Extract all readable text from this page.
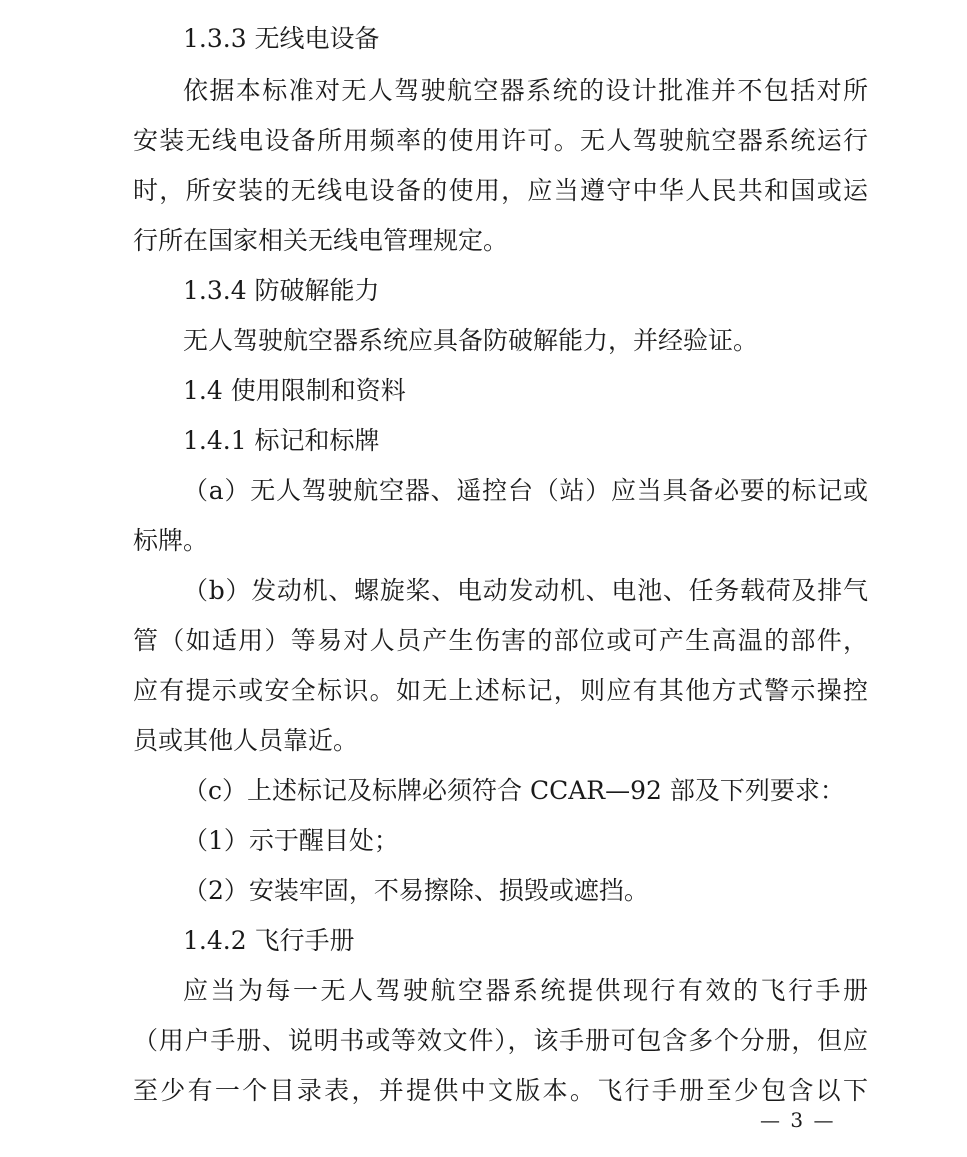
1.3.3 无线电设备
依据本标准对无人驾驶航空器系统的设计批准并不包括对所
安装无线电设备所用频率的使用许可。无人驾驶航空器系统运行
时，所安装的无线电设备的使用，应当遵守中华人民共和国或运
行所在国家相关无线电管理规定。
1.3.4 防破解能力
无人驾驶航空器系统应具备防破解能力，并经验证。
1.4 使用限制和资料
1.4.1 标记和标牌
（a）无人驾驶航空器、遥控台（站）应当具备必要的标记或
标牌。
（b）发动机、螺旋桨、电动发动机、电池、任务载荷及排气
管（如适用）等易对人员产生伤害的部位或可产生高温的部件，
应有提示或安全标识。如无上述标记，则应有其他方式警示操控
员或其他人员靠近。
（c）上述标记及标牌必须符合 CCAR—92 部及下列要求：
（1）示于醒目处；
（2）安装牢固，不易擦除、损毁或遮挡。
1.4.2 飞行手册
应当为每一无人驾驶航空器系统提供现行有效的飞行手册
（用户手册、说明书或等效文件），该手册可包含多个分册，但应
至少有一个目录表，并提供中文版本。飞行手册至少包含以下
— 3 —
